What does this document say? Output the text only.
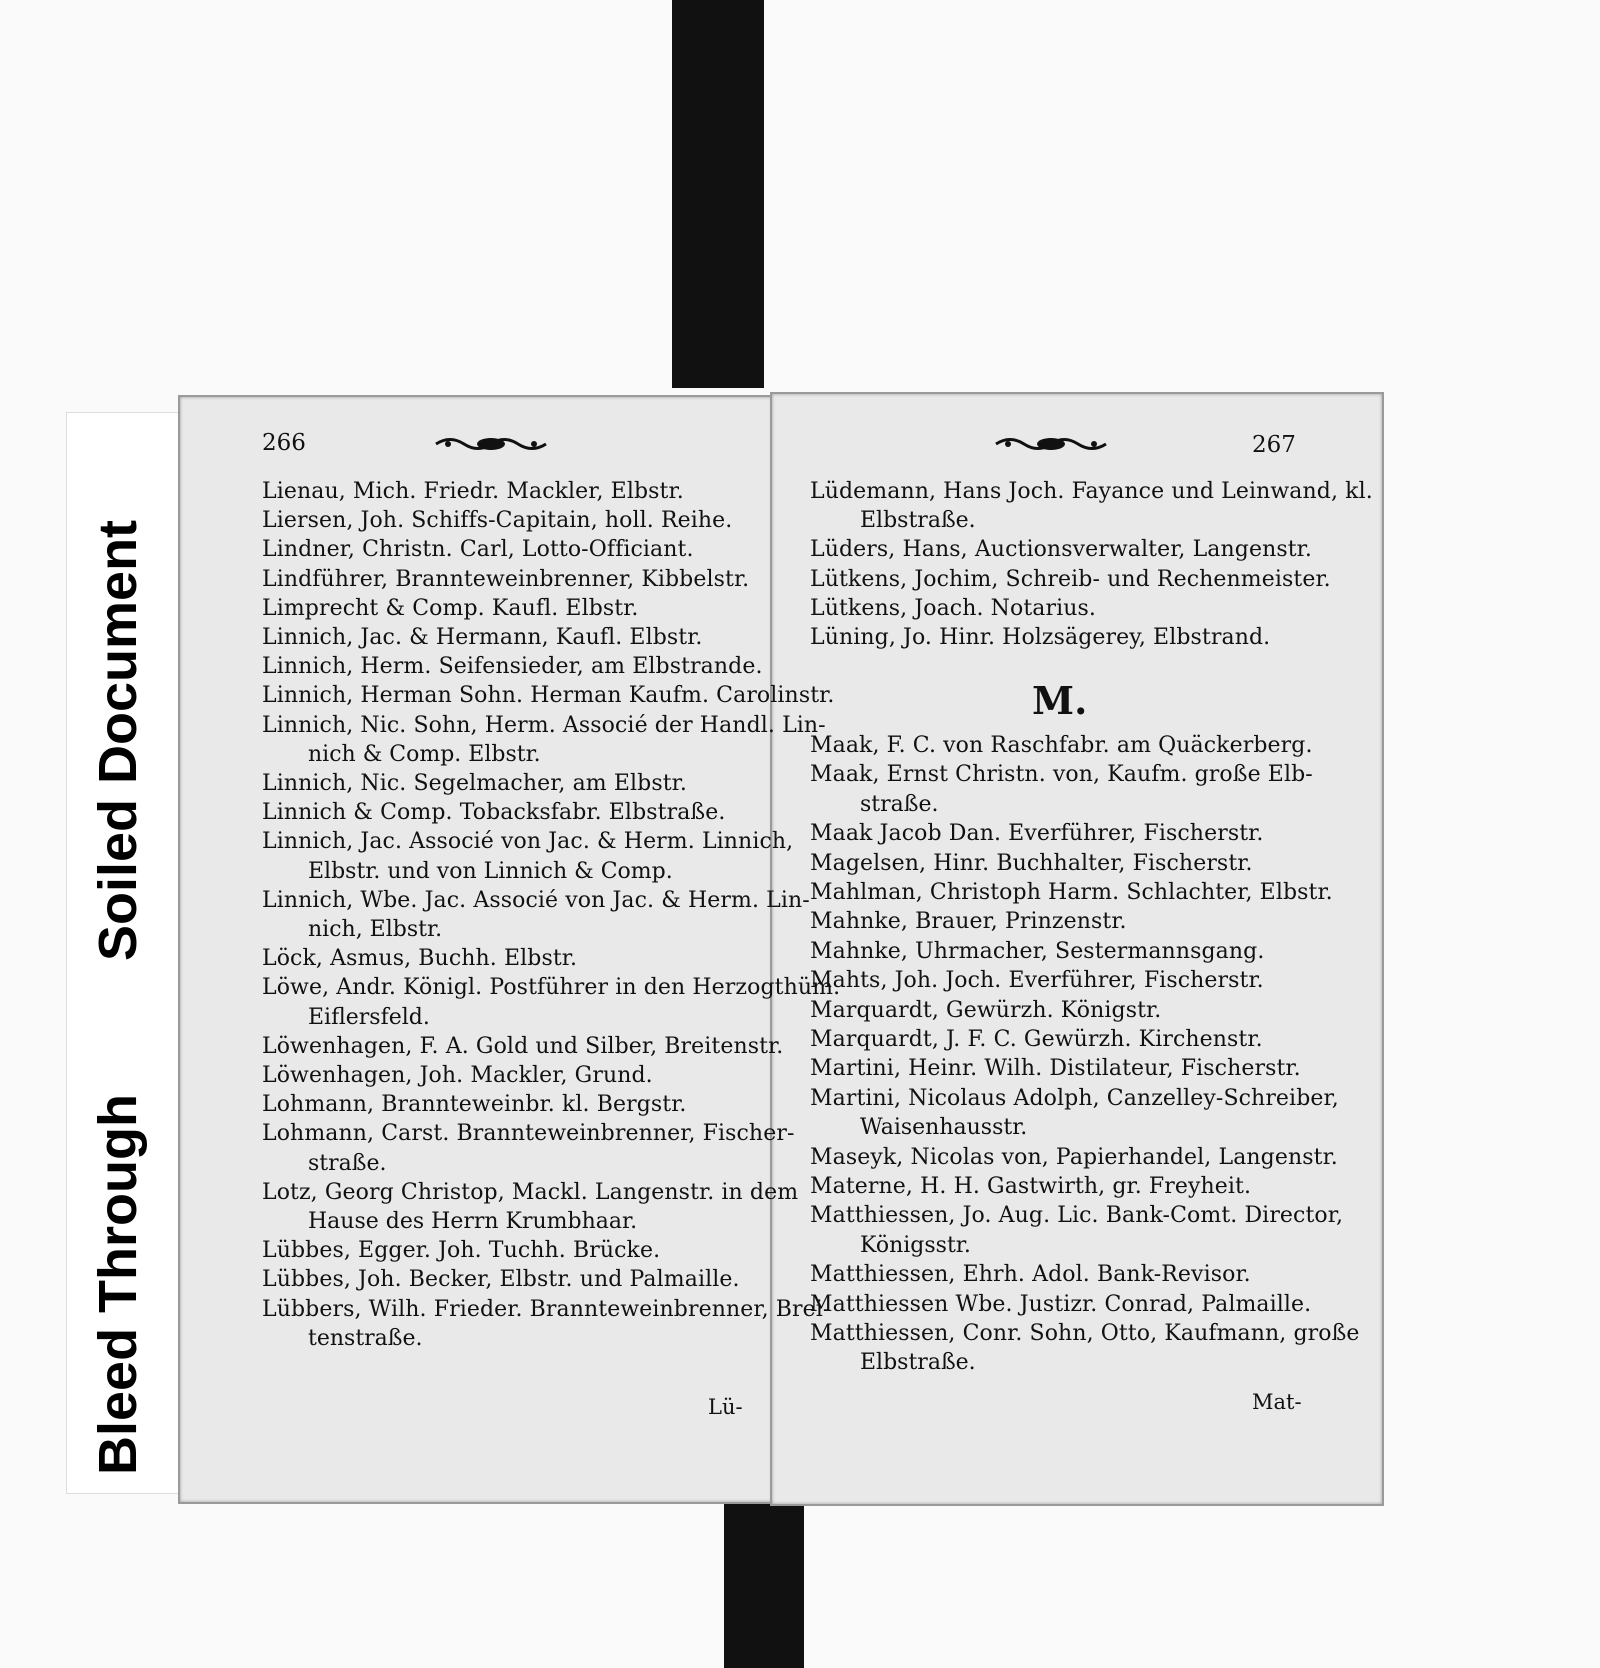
Soiled Document
Bleed Through
266
Lienau, Mich. Friedr. Mackler, Elbstr.
Liersen, Joh. Schiffs-Capitain, holl. Reihe.
Lindner, Christn. Carl, Lotto-Officiant.
Lindführer, Brannteweinbrenner, Kibbelstr.
Limprecht & Comp. Kaufl. Elbstr.
Linnich, Jac. & Hermann, Kaufl. Elbstr.
Linnich, Herm. Seifensieder, am Elbstrande.
Linnich, Herman Sohn. Herman Kaufm. Carolinstr.
Linnich, Nic. Sohn, Herm. Associé der Handl. Lin-
nich & Comp. Elbstr.
Linnich, Nic. Segelmacher, am Elbstr.
Linnich & Comp. Tobacksfabr. Elbstraße.
Linnich, Jac. Associé von Jac. & Herm. Linnich,
Elbstr. und von Linnich & Comp.
Linnich, Wbe. Jac. Associé von Jac. & Herm. Lin-
nich, Elbstr.
Löck, Asmus, Buchh. Elbstr.
Löwe, Andr. Königl. Postführer in den Herzogthüm.
Eiflersfeld.
Löwenhagen, F. A. Gold und Silber, Breitenstr.
Löwenhagen, Joh. Mackler, Grund.
Lohmann, Brannteweinbr. kl. Bergstr.
Lohmann, Carst. Brannteweinbrenner, Fischer-
straße.
Lotz, Georg Christop, Mackl. Langenstr. in dem
Hause des Herrn Krumbhaar.
Lübbes, Egger. Joh. Tuchh. Brücke.
Lübbes, Joh. Becker, Elbstr. und Palmaille.
Lübbers, Wilh. Frieder. Brannteweinbrenner, Brei-
tenstraße.
Lü-
267
Lüdemann, Hans Joch. Fayance und Leinwand, kl.
Elbstraße.
Lüders, Hans, Auctionsverwalter, Langenstr.
Lütkens, Jochim, Schreib- und Rechenmeister.
Lütkens, Joach. Notarius.
Lüning, Jo. Hinr. Holzsägerey, Elbstrand.
M.
Maak, F. C. von Raschfabr. am Quäckerberg.
Maak, Ernst Christn. von, Kaufm. große Elb-
straße.
Maak Jacob Dan. Everführer, Fischerstr.
Magelsen, Hinr. Buchhalter, Fischerstr.
Mahlman, Christoph Harm. Schlachter, Elbstr.
Mahnke, Brauer, Prinzenstr.
Mahnke, Uhrmacher, Sestermannsgang.
Mahts, Joh. Joch. Everführer, Fischerstr.
Marquardt, Gewürzh. Königstr.
Marquardt, J. F. C. Gewürzh. Kirchenstr.
Martini, Heinr. Wilh. Distilateur, Fischerstr.
Martini, Nicolaus Adolph, Canzelley-Schreiber,
Waisenhausstr.
Maseyk, Nicolas von, Papierhandel, Langenstr.
Materne, H. H. Gastwirth, gr. Freyheit.
Matthiessen, Jo. Aug. Lic. Bank-Comt. Director,
Königsstr.
Matthiessen, Ehrh. Adol. Bank-Revisor.
Matthiessen Wbe. Justizr. Conrad, Palmaille.
Matthiessen, Conr. Sohn, Otto, Kaufmann, große
Elbstraße.
Mat-
